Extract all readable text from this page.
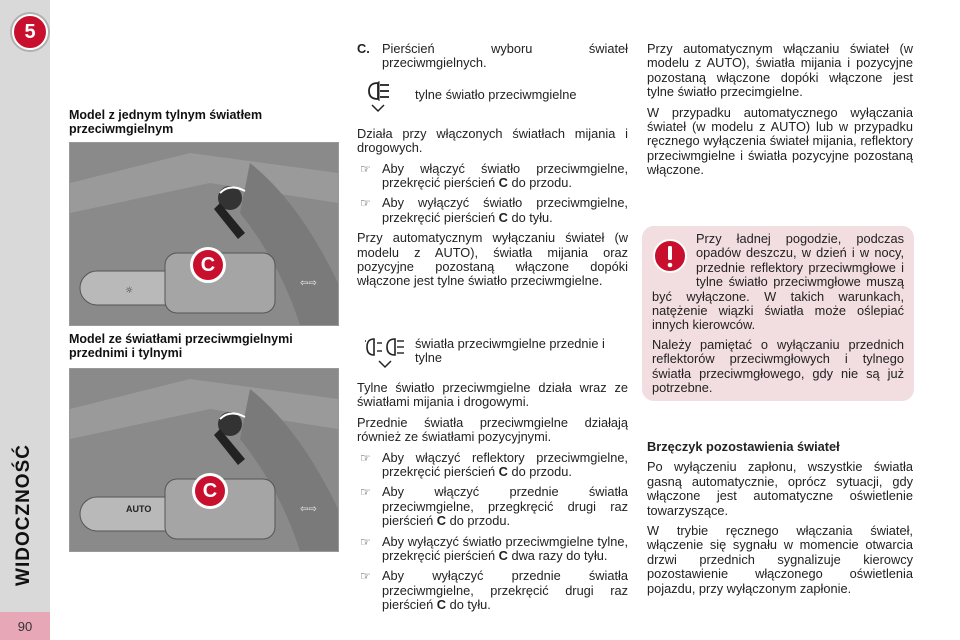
5
WIDOCZNOŚĆ
90
Model z jednym tylnym światłem przeciwmgielnym
⇦⇨
☼
C
Model ze światłami przeciwmgielnymi przednimi i tylnymi
⇦⇨
AUTO
C
C. Pierścień wyboru świateł przeciwmgielnych.
tylne światło przeciwmgielne

Działa przy włączonych światłach mijania i drogowych.

☞ Aby włączyć światło przeciwmgielne, przekręcić pierścień C do przodu.
☞ Aby wyłączyć światło przeciwmgielne, przekręcić pierścień C do tyłu.

Przy automatycznym wyłączaniu świateł (w modelu z AUTO), światła mijania oraz pozycyjne pozostaną włączone dopóki włączone jest tylne światło przeciwmgielne.

światła przeciwmgielne przednie i tylne

Tylne światło przeciwmgielne działa wraz ze światłami mijania i drogowymi.

Przednie światła przeciwmgielne działają również ze światłami pozycyjnymi.

☞ Aby włączyć reflektory przeciwmgielne, przekręcić pierścień C do przodu.
☞ Aby włączyć przednie światła przeciwmgielne, przegkręcić drugi raz pierścień C do przodu.
☞ Aby wyłączyć światło przeciwmgielne tylne, przekręcić pierścień C dwa razy do tyłu.
☞ Aby wyłączyć przednie światła przeciwmgielne, przekręcić drugi raz pierścień C do tyłu.

Przy automatycznym włączaniu świateł (w modelu z AUTO), światła mijania i pozycyjne pozostaną włączone dopóki włączone jest tylne światło przecimgielne.

W przypadku automatycznego wyłączania świateł (w modelu z AUTO) lub w przypadku ręcznego wyłączenia świateł mijania, reflektory przeciwmgielne i światła pozycyjne pozostaną włączone.

Przy ładnej pogodzie, podczas opadów deszczu, w dzień i w nocy, przednie reflektory przeciwmgłowe i tylne światło przeciwmgłowe muszą być wyłączone. W takich warunkach, natężenie wiązki światła może oślepiać innych kierowców.

Należy pamiętać o wyłączaniu przednich reflektorów przeciwmgłowych i tylnego światła przeciwmgłowego, gdy nie są już potrzebne.

Brzęczyk pozostawienia świateł

Po wyłączeniu zapłonu, wszystkie światła gasną automatycznie, oprócz sytuacji, gdy włączone jest automatyczne oświetlenie towarzyszące.

W trybie ręcznego włączania świateł, włączenie się sygnału w momencie otwarcia drzwi przednich sygnalizuje kierowcy pozostawienie włączonego oświetlenia pojazdu, przy wyłączonym zapłonie.
